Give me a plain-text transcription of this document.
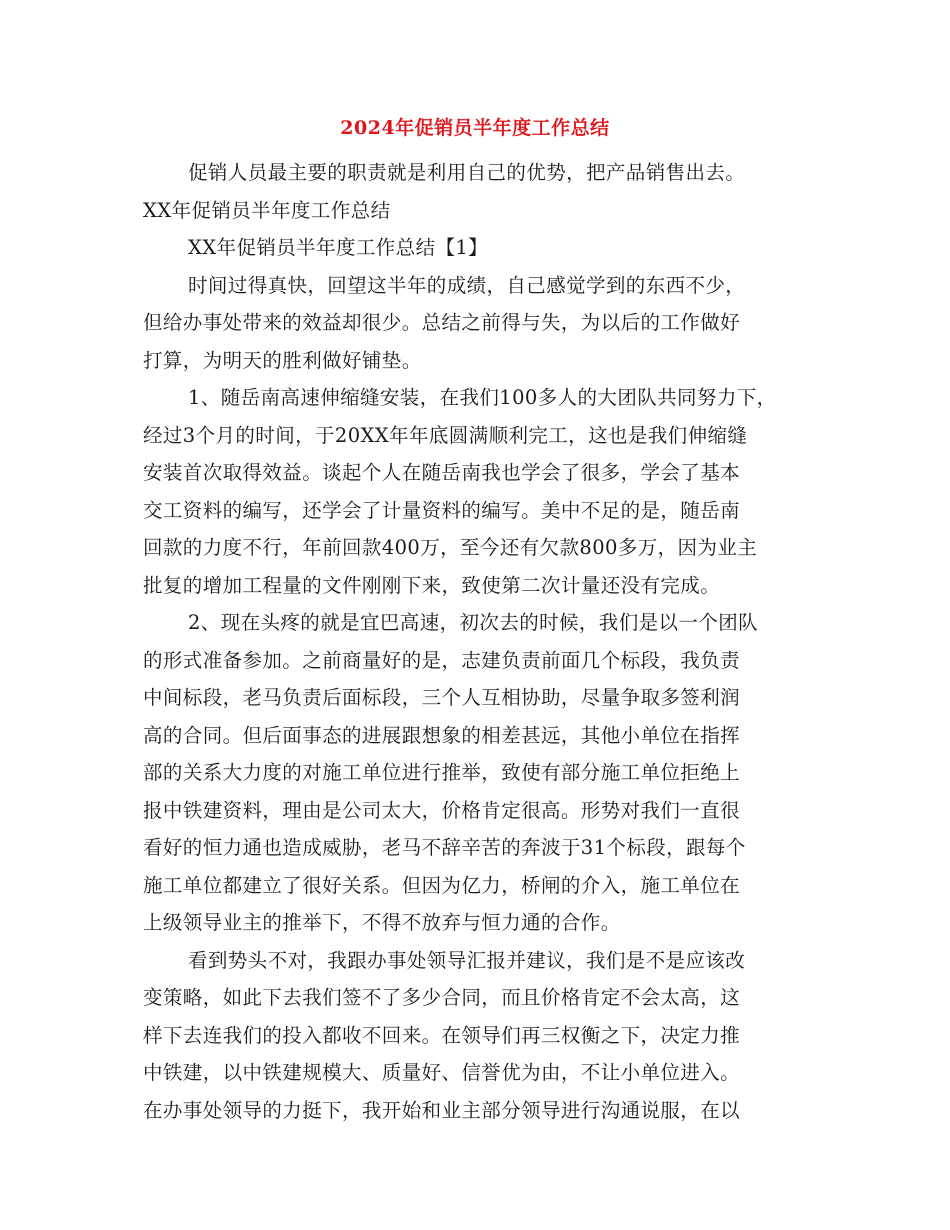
2024年促销员半年度工作总结
促销人员最主要的职责就是利用自己的优势，把产品销售出去。
XX年促销员半年度工作总结
XX年促销员半年度工作总结【1】
时间过得真快，回望这半年的成绩，自己感觉学到的东西不少，
但给办事处带来的效益却很少。总结之前得与失，为以后的工作做好
打算，为明天的胜利做好铺垫。
1、随岳南高速伸缩缝安装，在我们100多人的大团队共同努力下，
经过3个月的时间，于20XX年年底圆满顺利完工，这也是我们伸缩缝
安装首次取得效益。谈起个人在随岳南我也学会了很多，学会了基本
交工资料的编写，还学会了计量资料的编写。美中不足的是，随岳南
回款的力度不行，年前回款400万，至今还有欠款800多万，因为业主
批复的增加工程量的文件刚刚下来，致使第二次计量还没有完成。
2、现在头疼的就是宜巴高速，初次去的时候，我们是以一个团队
的形式准备参加。之前商量好的是，志建负责前面几个标段，我负责
中间标段，老马负责后面标段，三个人互相协助，尽量争取多签利润
高的合同。但后面事态的进展跟想象的相差甚远，其他小单位在指挥
部的关系大力度的对施工单位进行推举，致使有部分施工单位拒绝上
报中铁建资料，理由是公司太大，价格肯定很高。形势对我们一直很
看好的恒力通也造成威胁，老马不辞辛苦的奔波于31个标段，跟每个
施工单位都建立了很好关系。但因为亿力，桥闸的介入，施工单位在
上级领导业主的推举下，不得不放弃与恒力通的合作。
看到势头不对，我跟办事处领导汇报并建议，我们是不是应该改
变策略，如此下去我们签不了多少合同，而且价格肯定不会太高，这
样下去连我们的投入都收不回来。在领导们再三权衡之下，决定力推
中铁建，以中铁建规模大、质量好、信誉优为由，不让小单位进入。
在办事处领导的力挺下，我开始和业主部分领导进行沟通说服，在以
